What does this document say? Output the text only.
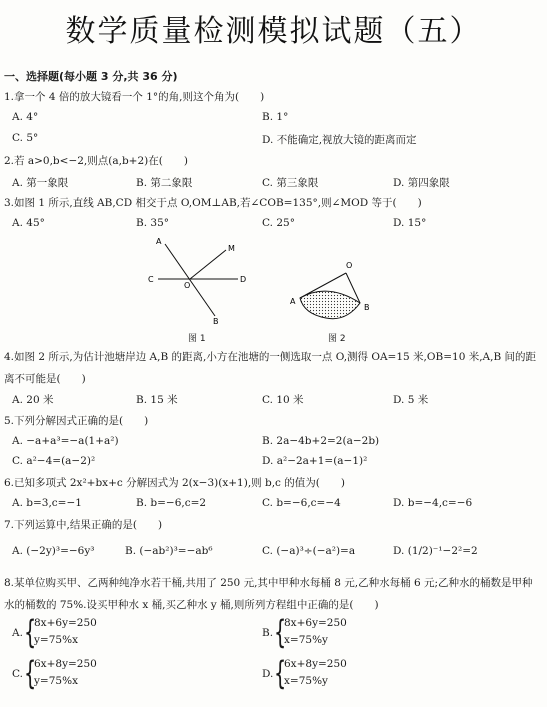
数学质量检测模拟试题（五）
一、选择题(每小题 3 分,共 36 分)
1.拿一个 4 倍的放大镜看一个 1°的角,则这个角为(　　)
A. 4°	B. 1°
C. 5°	D. 不能确定,视放大镜的距离而定
2.若 a>0,b<−2,则点(a,b+2)在(　　)
A. 第一象限	B. 第二象限	C. 第三象限	D. 第四象限
3.如图 1 所示,直线 AB,CD 相交于点 O,OM⊥AB,若∠COB=135°,则∠MOD 等于(　　)
A. 45°	B. 35°	C. 25°	D. 15°
A
M
C
O
D
B
图 1
O
A
B
图 2
4.如图 2 所示,为估计池塘岸边 A,B 的距离,小方在池塘的一侧选取一点 O,测得 OA=15 米,OB=10 米,A,B 间的距离不可能是(　　)
A. 20 米	B. 15 米	C. 10 米	D. 5 米
5.下列分解因式正确的是(　　)
A. −a+a³=−a(1+a²)	B. 2a−4b+2=2(a−2b)
C. a²−4=(a−2)²	D. a²−2a+1=(a−1)²
6.已知多项式 2x²+bx+c 分解因式为 2(x−3)(x+1),则 b,c 的值为(　　)
A. b=3,c=−1	B. b=−6,c=2	C. b=−6,c=−4	D. b=−4,c=−6
7.下列运算中,结果正确的是(　　)
A. (−2y)³=−6y³	B. (−ab²)³=−ab⁶	C. (−a)³÷(−a²)=a	D. (1/2)⁻¹−2²=2
8.某单位购买甲、乙两种纯净水若干桶,共用了 250 元,其中甲种水每桶 8 元,乙种水每桶 6 元;乙种水的桶数是甲种水的桶数的 75%.设买甲种水 x 桶,买乙种水 y 桶,则所列方程组中正确的是(　　)
A. {
8x+6y=250
y=75%x
B. {
8x+6y=250
x=75%y
C. {
6x+8y=250
y=75%x
D. {
6x+8y=250
x=75%y
